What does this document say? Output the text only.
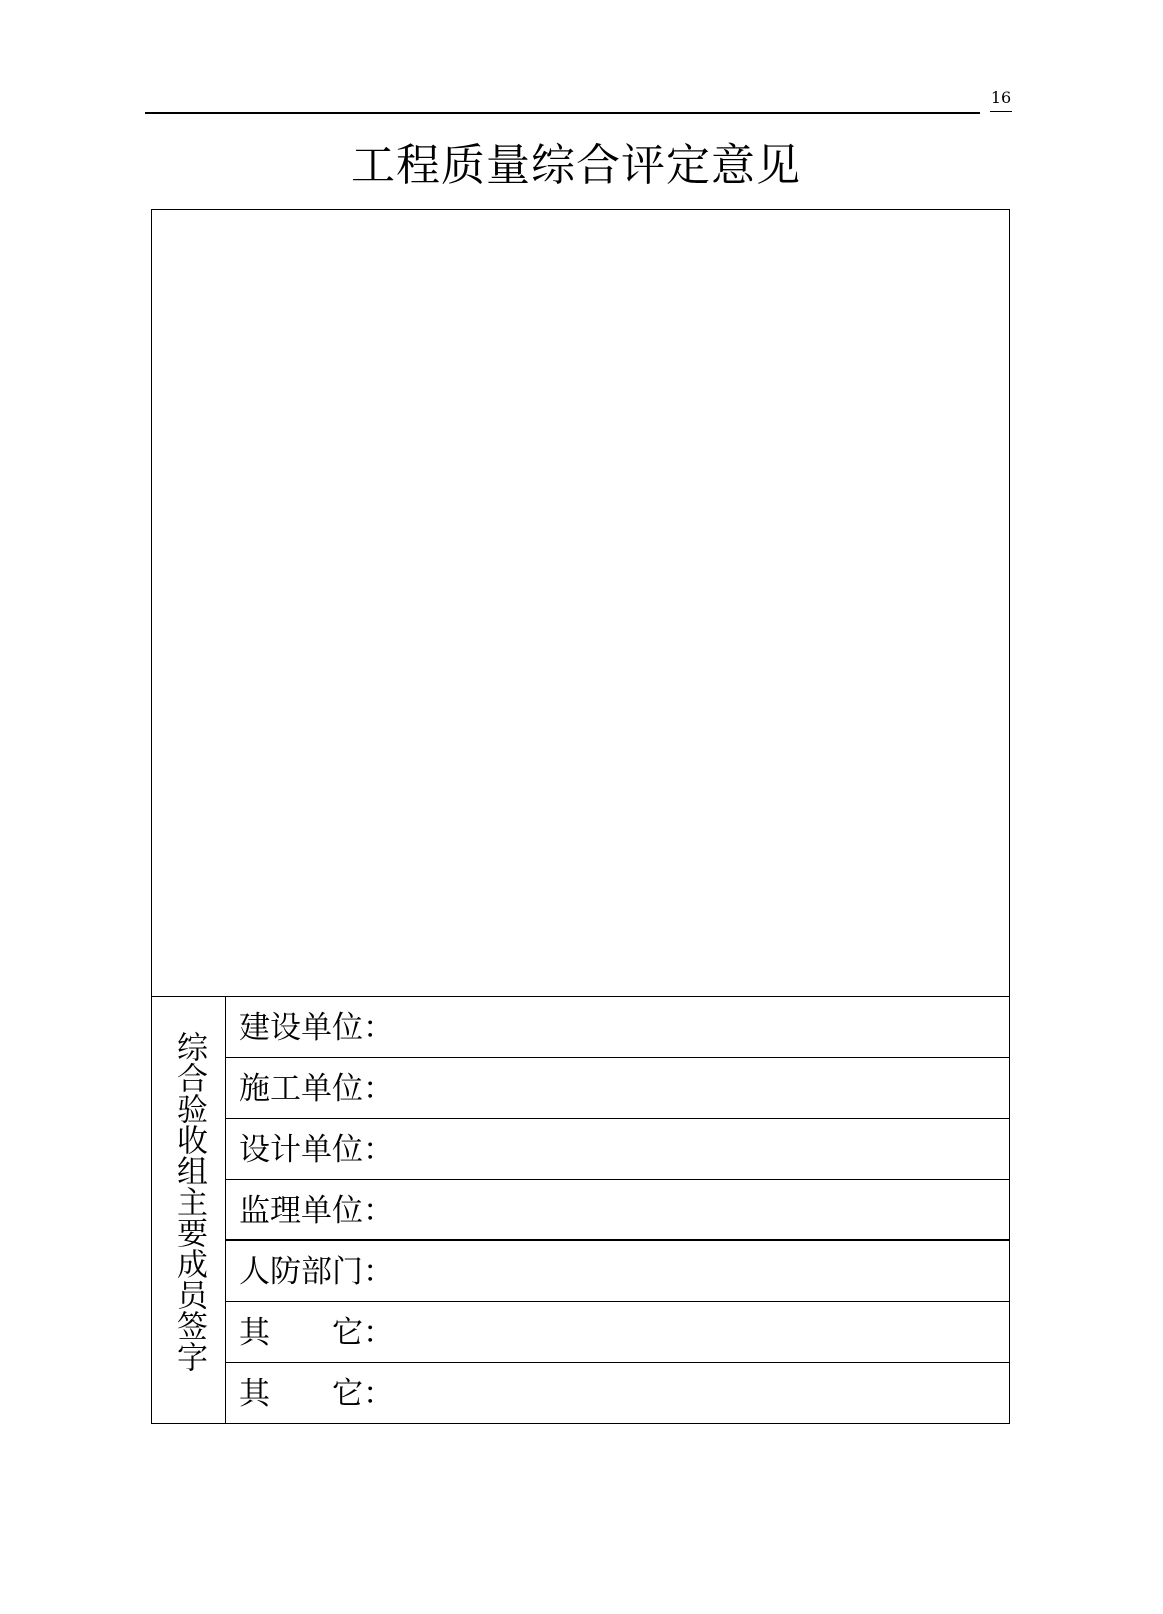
16
工程质量综合评定意见
综合验收组主要成员签字
建设单位：
施工单位：
设计单位：
监理单位：
人防部门：
其　　它：
其　　它：
